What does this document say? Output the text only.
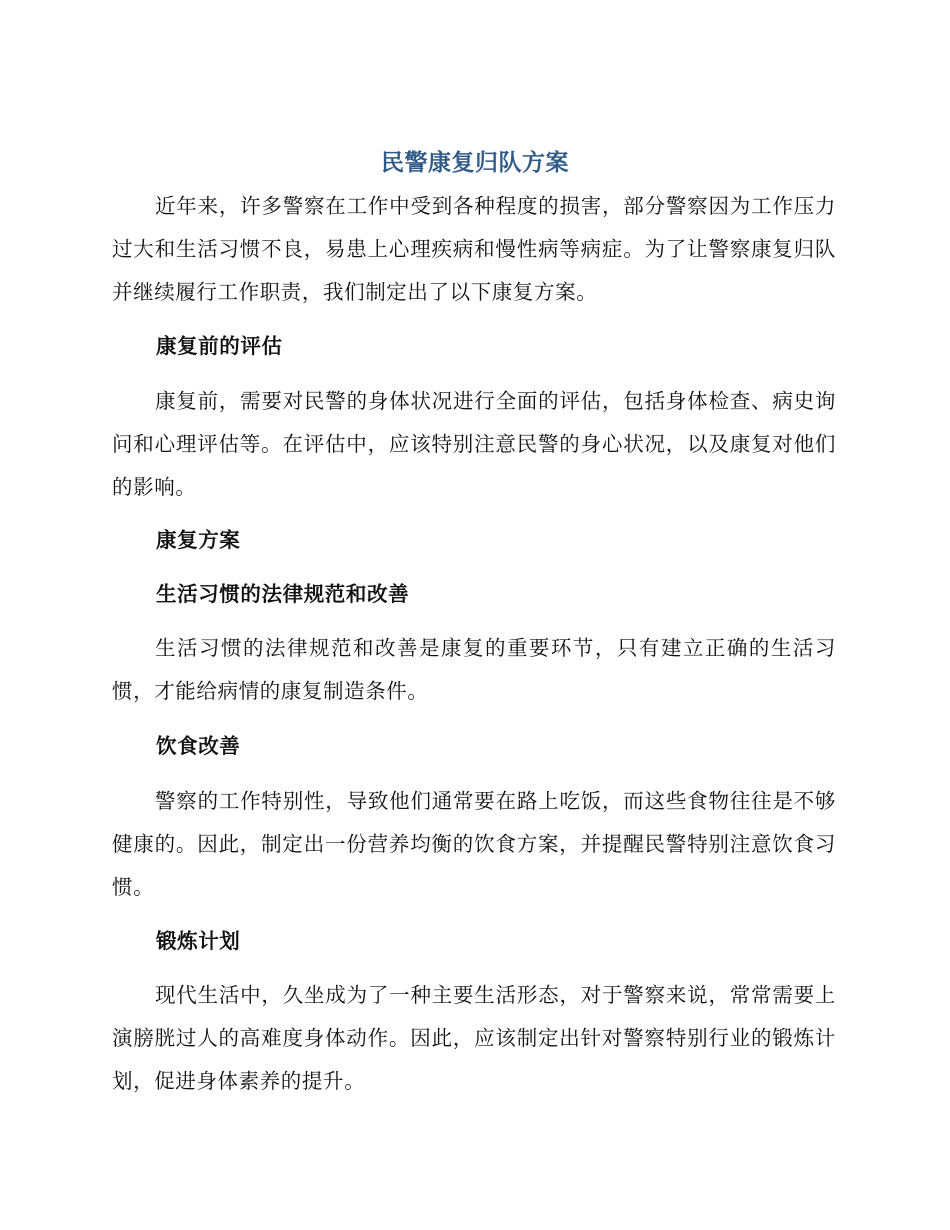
民警康复归队方案
近年来，许多警察在工作中受到各种程度的损害，部分警察因为工作压力过大和生活习惯不良，易患上心理疾病和慢性病等病症。为了让警察康复归队并继续履行工作职责，我们制定出了以下康复方案。
康复前的评估
康复前，需要对民警的身体状况进行全面的评估，包括身体检查、病史询问和心理评估等。在评估中，应该特别注意民警的身心状况，以及康复对他们的影响。
康复方案
生活习惯的法律规范和改善
生活习惯的法律规范和改善是康复的重要环节，只有建立正确的生活习惯，才能给病情的康复制造条件。
饮食改善
警察的工作特别性，导致他们通常要在路上吃饭，而这些食物往往是不够健康的。因此，制定出一份营养均衡的饮食方案，并提醒民警特别注意饮食习惯。
锻炼计划
现代生活中，久坐成为了一种主要生活形态，对于警察来说，常常需要上演膀胱过人的高难度身体动作。因此，应该制定出针对警察特别行业的锻炼计划，促进身体素养的提升。
